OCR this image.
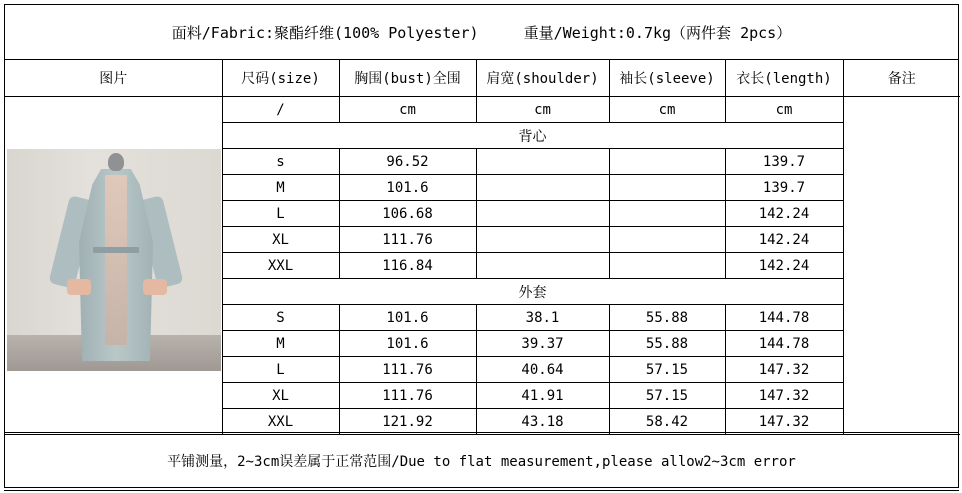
面料/Fabric:聚酯纤维(100% Polyester)     重量/Weight:0.7kg（两件套 2pcs）
图片	尺码(size)	胸围(bust)全围	肩宽(shoulder)	袖长(sleeve)	衣长(length)	备注

	/	cm	cm	cm	cm	
	背心					
	s	96.52			139.7	
	M	101.6			139.7	
	L	106.68			142.24	
	XL	111.76			142.24	
	XXL	116.84			142.24	
	外套					
	S	101.6	38.1	55.88	144.78	
	M	101.6	39.37	55.88	144.78	
	L	111.76	40.64	57.15	147.32	
	XL	111.76	41.91	57.15	147.32	
	XXL	121.92	43.18	58.42	147.32	
平铺测量，2~3cm误差属于正常范围/Due to flat measurement,please allow2~3cm error
